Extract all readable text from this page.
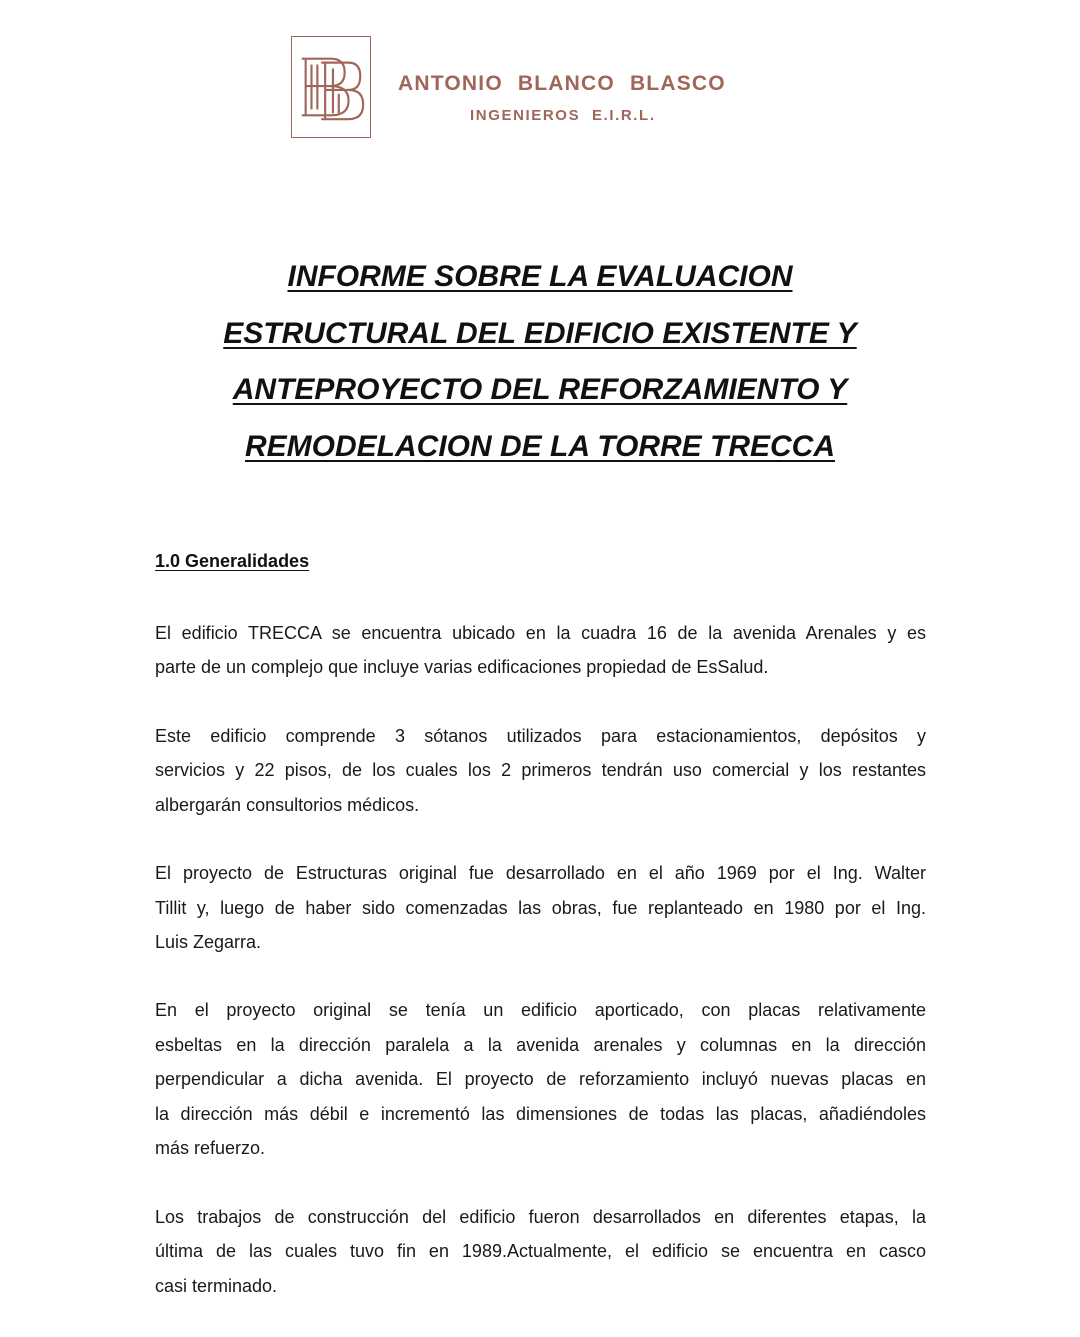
ANTONIO BLANCO BLASCO
INGENIEROS E.I.R.L.
INFORME SOBRE LA EVALUACION
ESTRUCTURAL DEL EDIFICIO EXISTENTE Y
ANTEPROYECTO DEL REFORZAMIENTO Y
REMODELACION DE LA TORRE TRECCA
1.0 Generalidades
El edificio TRECCA se encuentra ubicado en la cuadra 16 de la avenida Arenales y es
parte de un complejo que incluye varias edificaciones propiedad de EsSalud.
Este edificio comprende 3 sótanos utilizados para estacionamientos, depósitos y
servicios y 22 pisos, de los cuales los 2 primeros tendrán uso comercial y los restantes
albergarán consultorios médicos.
El proyecto de Estructuras original fue desarrollado en el año 1969 por el Ing. Walter
Tillit y, luego de haber sido comenzadas las obras, fue replanteado en 1980 por el Ing.
Luis Zegarra.
En el proyecto original se tenía un edificio aporticado, con placas relativamente
esbeltas en la dirección paralela a la avenida arenales y columnas en la dirección
perpendicular a dicha avenida. El proyecto de reforzamiento incluyó nuevas placas en
la dirección más débil e incrementó las dimensiones de todas las placas, añadiéndoles
más refuerzo.
Los trabajos de construcción del edificio fueron desarrollados en diferentes etapas, la
última de las cuales tuvo fin en 1989.Actualmente, el edificio se encuentra en casco
casi terminado.
